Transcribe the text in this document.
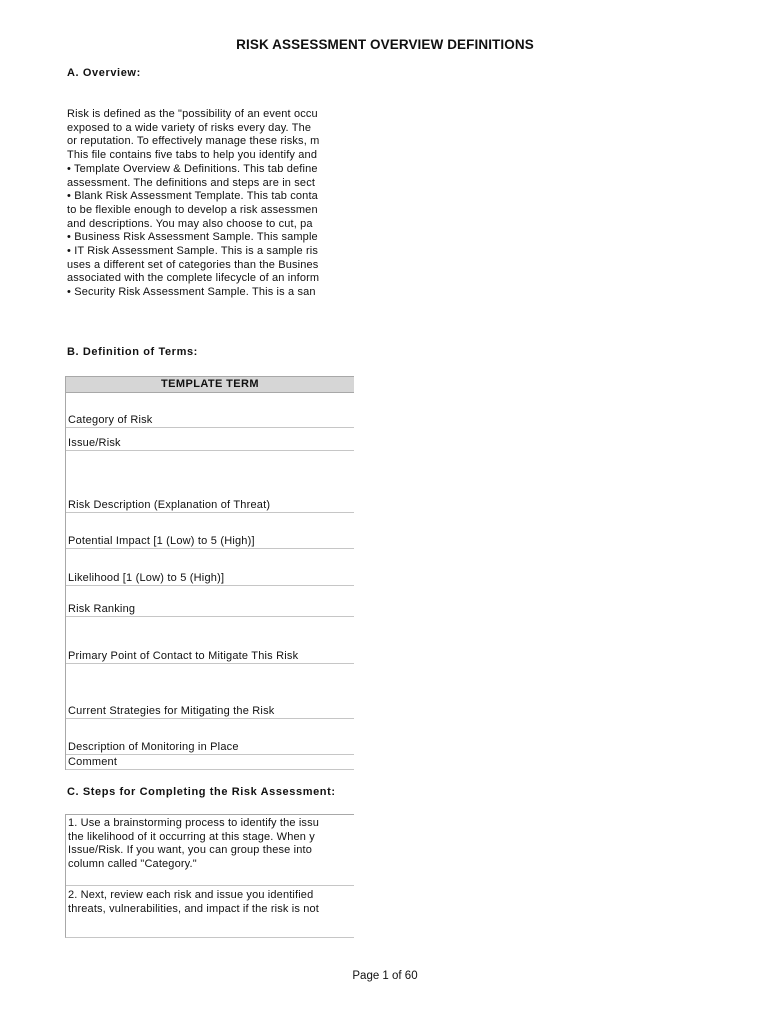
RISK ASSESSMENT OVERVIEW DEFINITIONS
A. Overview:
Risk is defined as the "possibility of an event occu
exposed to a wide variety of risks every day. The
or reputation. To effectively manage these risks, m
This file contains five tabs to help you identify and
• Template Overview & Definitions. This tab define
assessment. The definitions and steps are in sect
• Blank Risk Assessment Template. This tab conta
to be flexible enough to develop a risk assessmen
and descriptions. You may also choose to cut, pa
• Business Risk Assessment Sample. This sample
• IT Risk Assessment Sample. This is a sample ris
uses a different set of categories than the Busines
associated with the complete lifecycle of an inform
• Security Risk Assessment Sample. This is a san
B. Definition of Terms:
TEMPLATE TERM
Category of Risk
Issue/Risk
Risk Description (Explanation of Threat)
Potential Impact [1 (Low) to 5 (High)]
Likelihood [1 (Low) to 5 (High)]
Risk Ranking
Primary Point of Contact to Mitigate This Risk
Current Strategies for Mitigating the Risk
Description of Monitoring in Place
Comment
C. Steps for Completing the Risk Assessment:
1. Use a brainstorming process to identify the issu
the likelihood of it occurring at this stage. When y
Issue/Risk. If you want, you can group these into
column called "Category."
2. Next, review each risk and issue you identified
threats, vulnerabilities, and impact if the risk is not
Page 1 of 60
